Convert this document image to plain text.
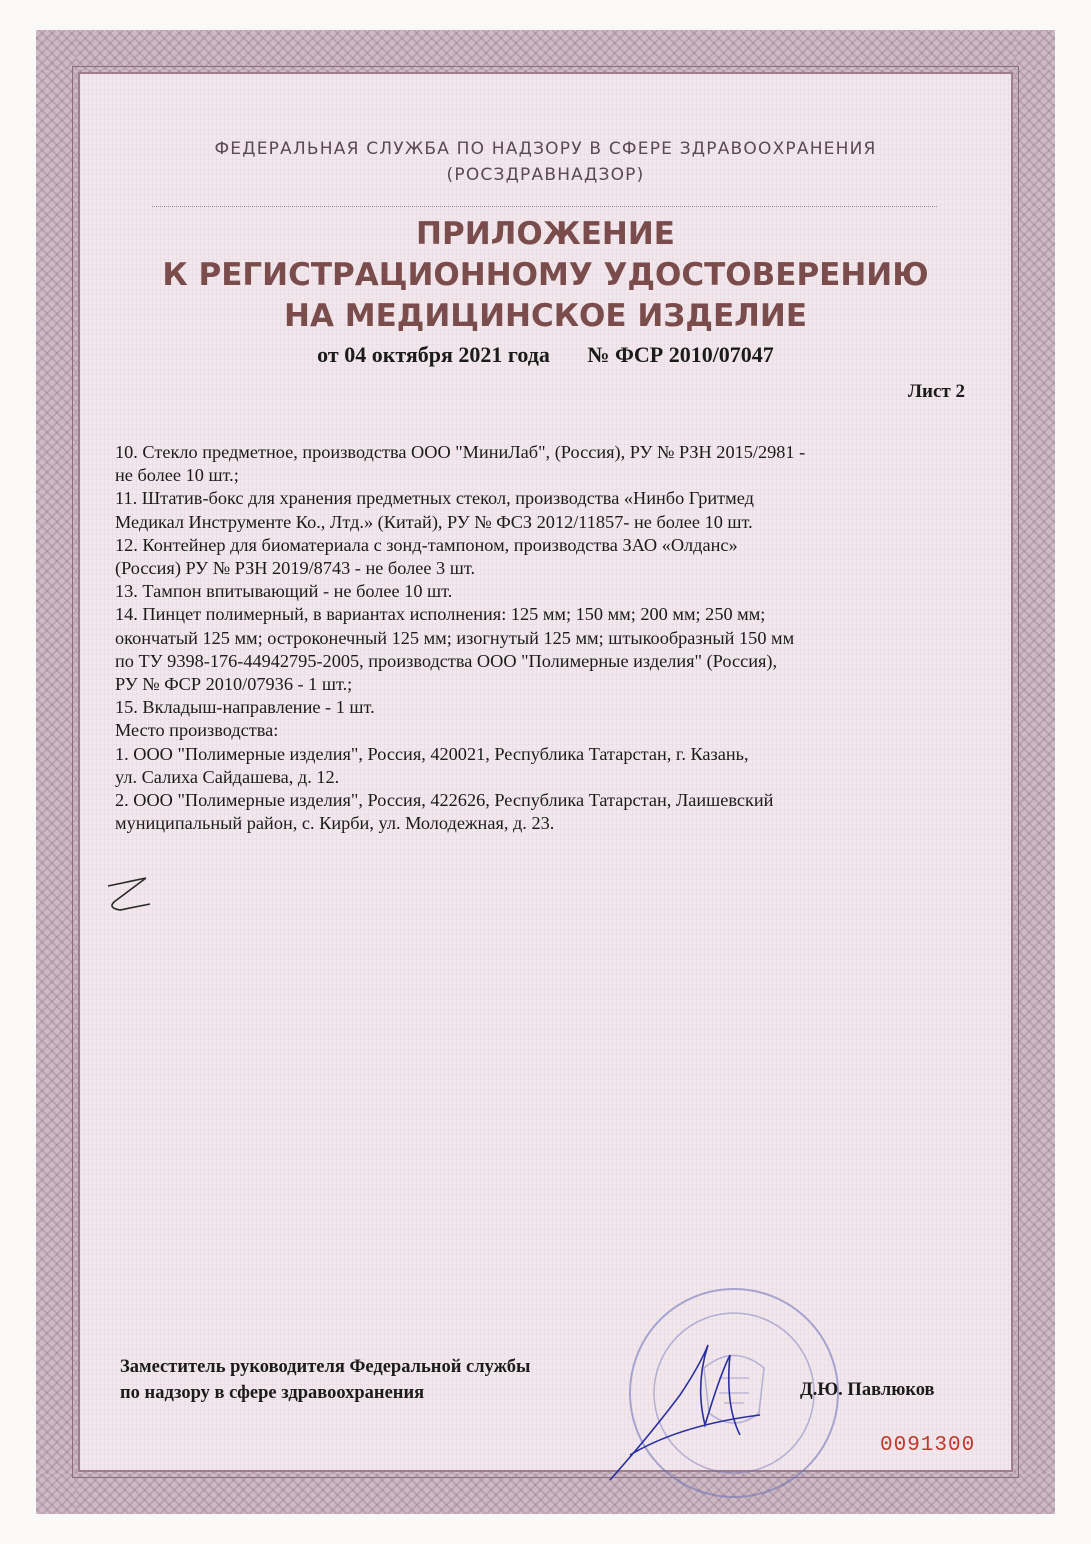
ФЕДЕРАЛЬНАЯ СЛУЖБА ПО НАДЗОРУ В СФЕРЕ ЗДРАВООХРАНЕНИЯ
(РОСЗДРАВНАДЗОР)
ПРИЛОЖЕНИЕ
К РЕГИСТРАЦИОННОМУ УДОСТОВЕРЕНИЮ
НА МЕДИЦИНСКОЕ ИЗДЕЛИЕ
от 04 октября 2021 года № ФСР 2010/07047
Лист 2
10. Стекло предметное, производства ООО "МиниЛаб", (Россия), РУ № РЗН 2015/2981 -
не более 10 шт.;
11. Штатив-бокс для хранения предметных стекол, производства «Нинбо Гритмед
Медикал Инструменте Ко., Лтд.» (Китай), РУ № ФСЗ 2012/11857- не более 10 шт.
12. Контейнер для биоматериала с зонд-тампоном, производства ЗАО «Олданс»
(Россия) РУ № РЗН 2019/8743 - не более 3 шт.
13. Тампон впитывающий - не более 10 шт.
14. Пинцет полимерный, в вариантах исполнения: 125 мм; 150 мм; 200 мм; 250 мм;
окончатый 125 мм; остроконечный 125 мм; изогнутый 125 мм; штыкообразный 150 мм
по ТУ 9398-176-44942795-2005, производства ООО "Полимерные изделия" (Россия),
РУ № ФСР 2010/07936 - 1 шт.;
15. Вкладыш-направление - 1 шт.
Место производства:
1. ООО "Полимерные изделия", Россия, 420021, Республика Татарстан, г. Казань,
ул. Салиха Сайдашева, д. 12.
2. ООО "Полимерные изделия", Россия, 422626, Республика Татарстан, Лаишевский
муниципальный район, с. Кирби, ул. Молодежная, д. 23.
Заместитель руководителя Федеральной службы
по надзору в сфере здравоохранения	Д.Ю. Павлюков
0091300
